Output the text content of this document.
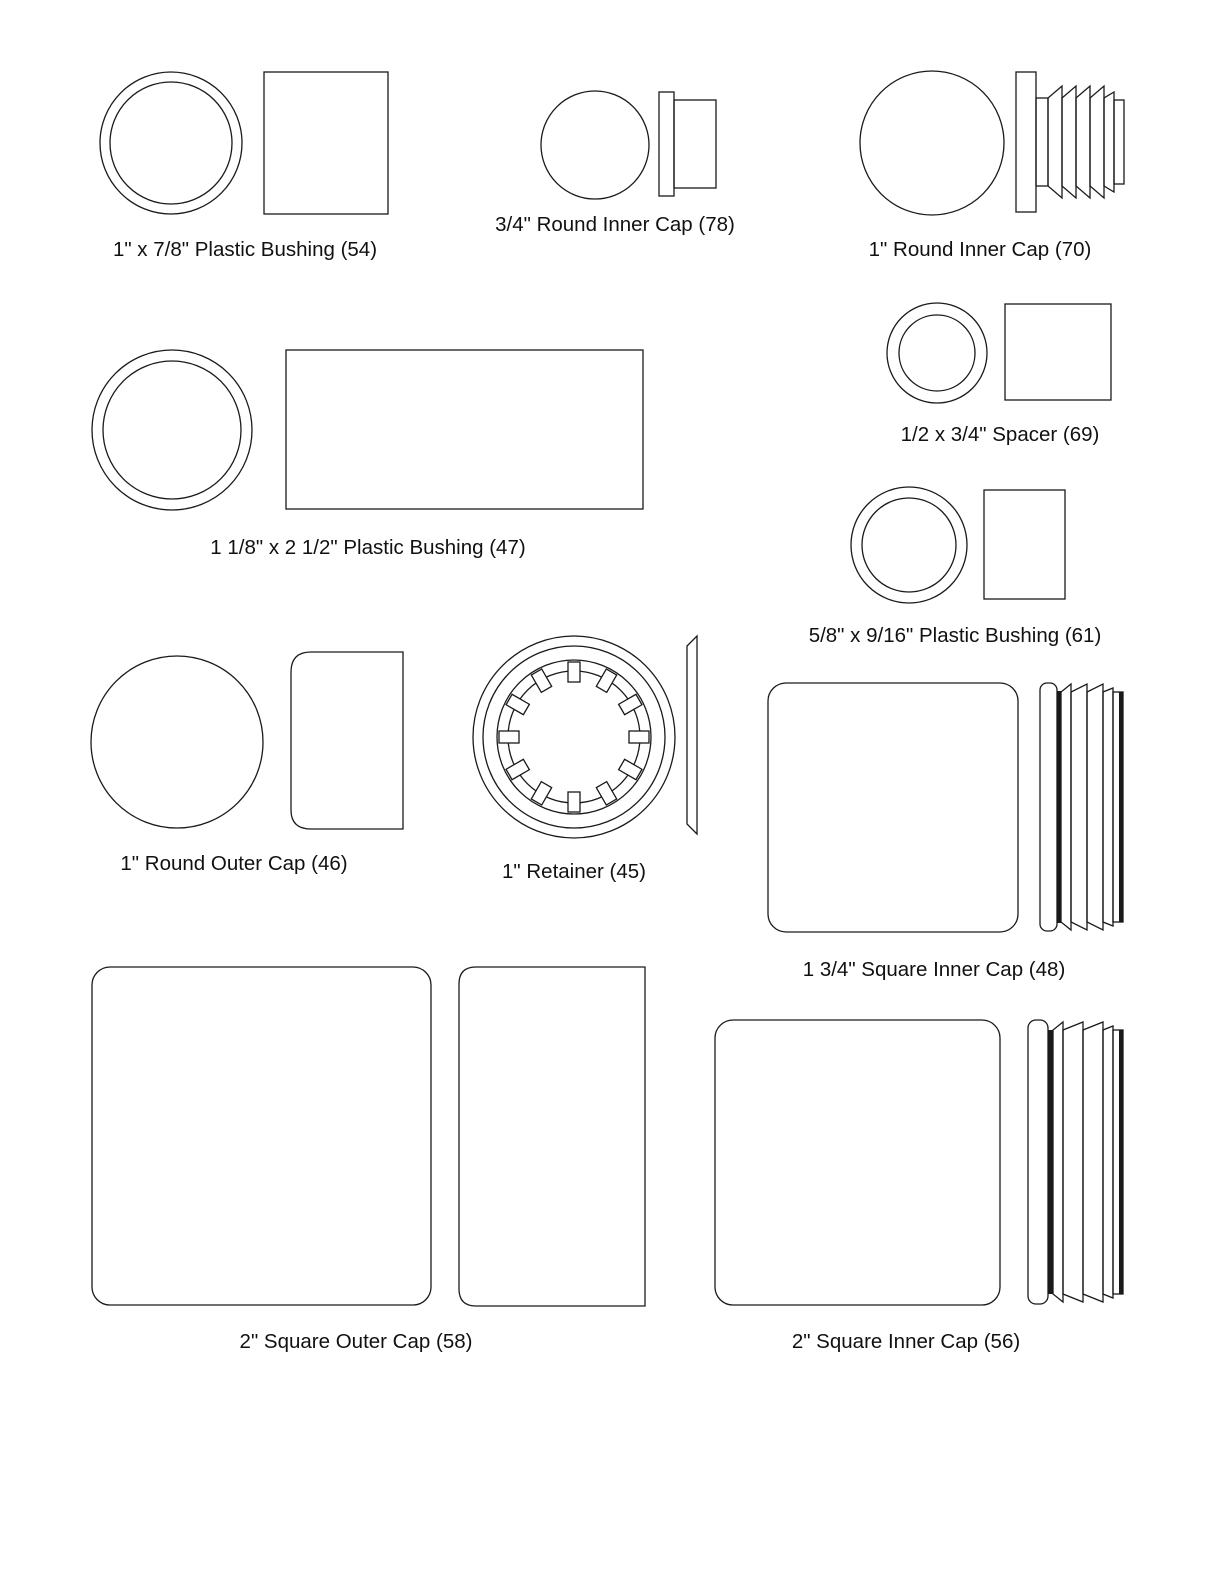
1" x 7/8" Plastic Bushing (54)
3/4" Round Inner Cap (78)
1" Round Inner Cap (70)
1 1/8" x 2 1/2" Plastic Bushing (47)
1/2 x 3/4" Spacer (69)
5/8" x 9/16" Plastic Bushing (61)
1" Round Outer Cap (46)	1" Retainer (45)
1 3/4" Square Inner Cap (48)
2" Square Outer Cap (58)	2" Square Inner Cap (56)
